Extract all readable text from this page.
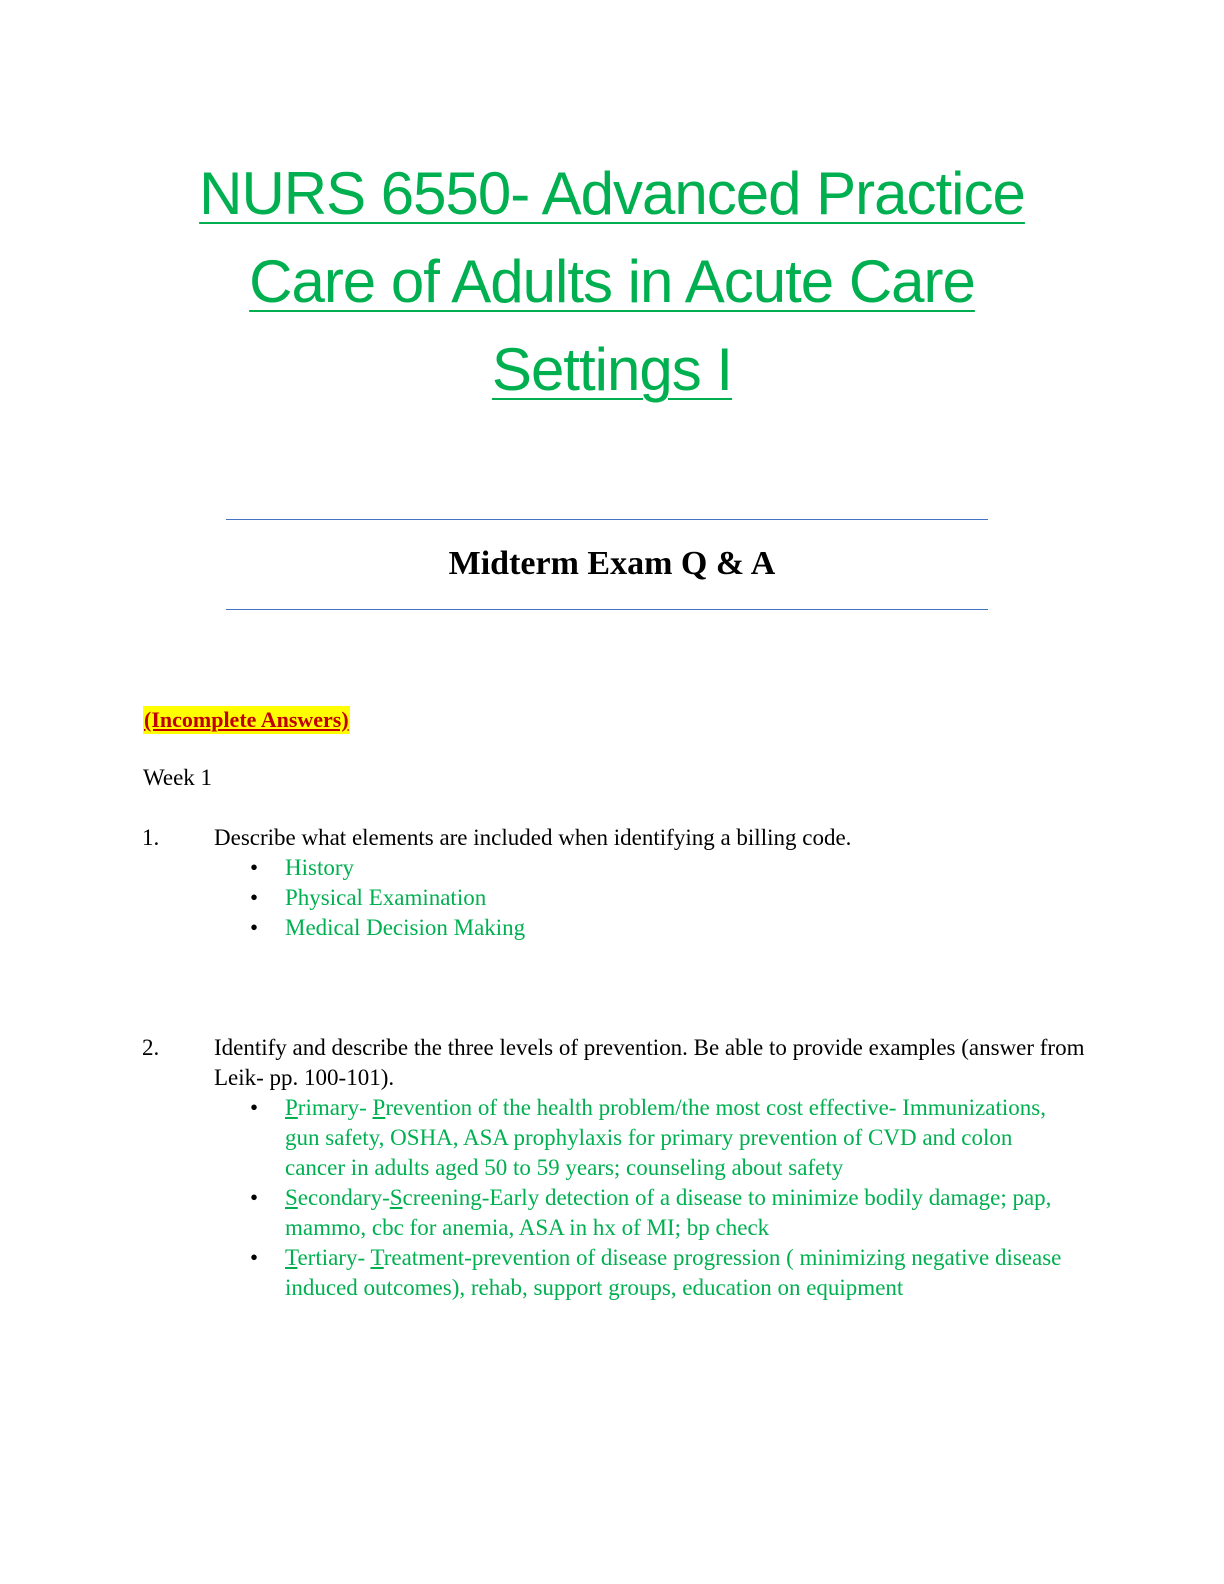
NURS 6550- Advanced Practice
Care of Adults in Acute Care
Settings I
Midterm Exam Q & A
(Incomplete Answers)
Week 1
1. Describe what elements are included when identifying a billing code.
• History
• Physical Examination
• Medical Decision Making
2. Identify and describe the three levels of prevention. Be able to provide examples (answer from Leik- pp. 100-101).
• Primary- Prevention of the health problem/the most cost effective- Immunizations, gun safety, OSHA, ASA prophylaxis for primary prevention of CVD and colon cancer in adults aged 50 to 59 years; counseling about safety
• Secondary-Screening-Early detection of a disease to minimize bodily damage; pap, mammo, cbc for anemia, ASA in hx of MI; bp check
• Tertiary- Treatment-prevention of disease progression ( minimizing negative disease induced outcomes), rehab, support groups, education on equipment
